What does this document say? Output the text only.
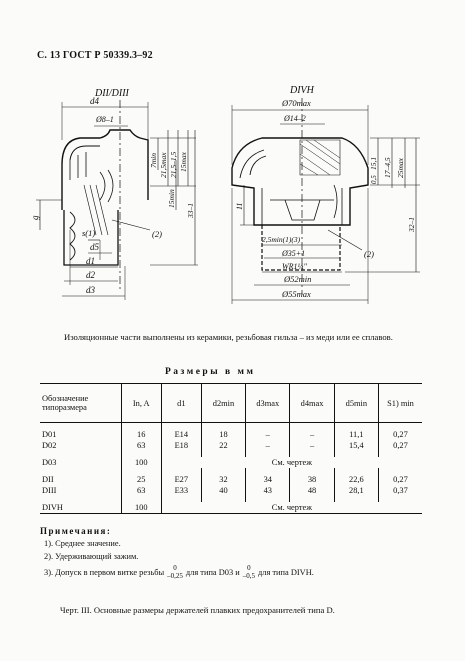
С. 13 ГОСТ Р 50339.3–92
DII/DIII
d4
Ø8–1
7min 21,5max 21,5–1,5 15max
15min
33–1
g
s(1)	(2)
d5
d1
d2
d3
DIVH
Ø70max
Ø14–2
15,1
0,5
17–4,5 25max
11
32–1
2,5min(1)(3)
Ø35+1
WR1¼"
Ø52min
Ø55max
(2)
Изоляционные части выполнены из керамики, резьбовая гильза – из меди или ее сплавов.
Размеры в мм
Обозначение типоразмера	In, A	d1	d2min	d3max	d4max	d5min	S1) min

D01	16	E14	18	–	–	11,1	0,27
D02	63	E18	22	–	–	15,4	0,27

D03	100	См. чертеж					

DII	25	E27	32	34	38	22,6	0,27
DIII	63	E33	40	43	48	28,1	0,37

DIVH	100	См. чертеж					
Примечания:
1). Среднее значение.
2). Удерживающий зажим.
3). Допуск в первом витке резьбы	0
–0,25 для типа D03 и	0
–0,5 для типа DIVH.
Черт. III. Основные размеры держателей плавких предохранителей типа D.
